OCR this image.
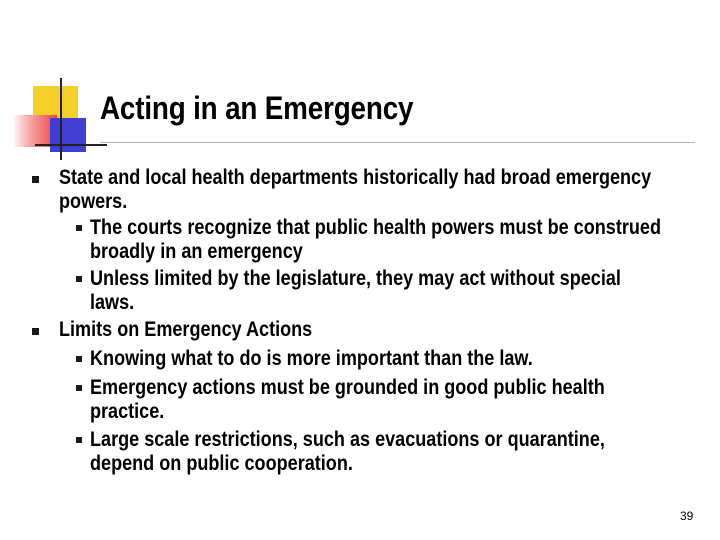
Acting in an Emergency
State and local health departments historically had broad emergency
powers.
The courts recognize that public health powers must be construed
broadly in an emergency
Unless limited by the legislature, they may act without special
laws.
Limits on Emergency Actions
Knowing what to do is more important than the law.
Emergency actions must be grounded in good public health
practice.
Large scale restrictions, such as evacuations or quarantine,
depend on public cooperation.
39
